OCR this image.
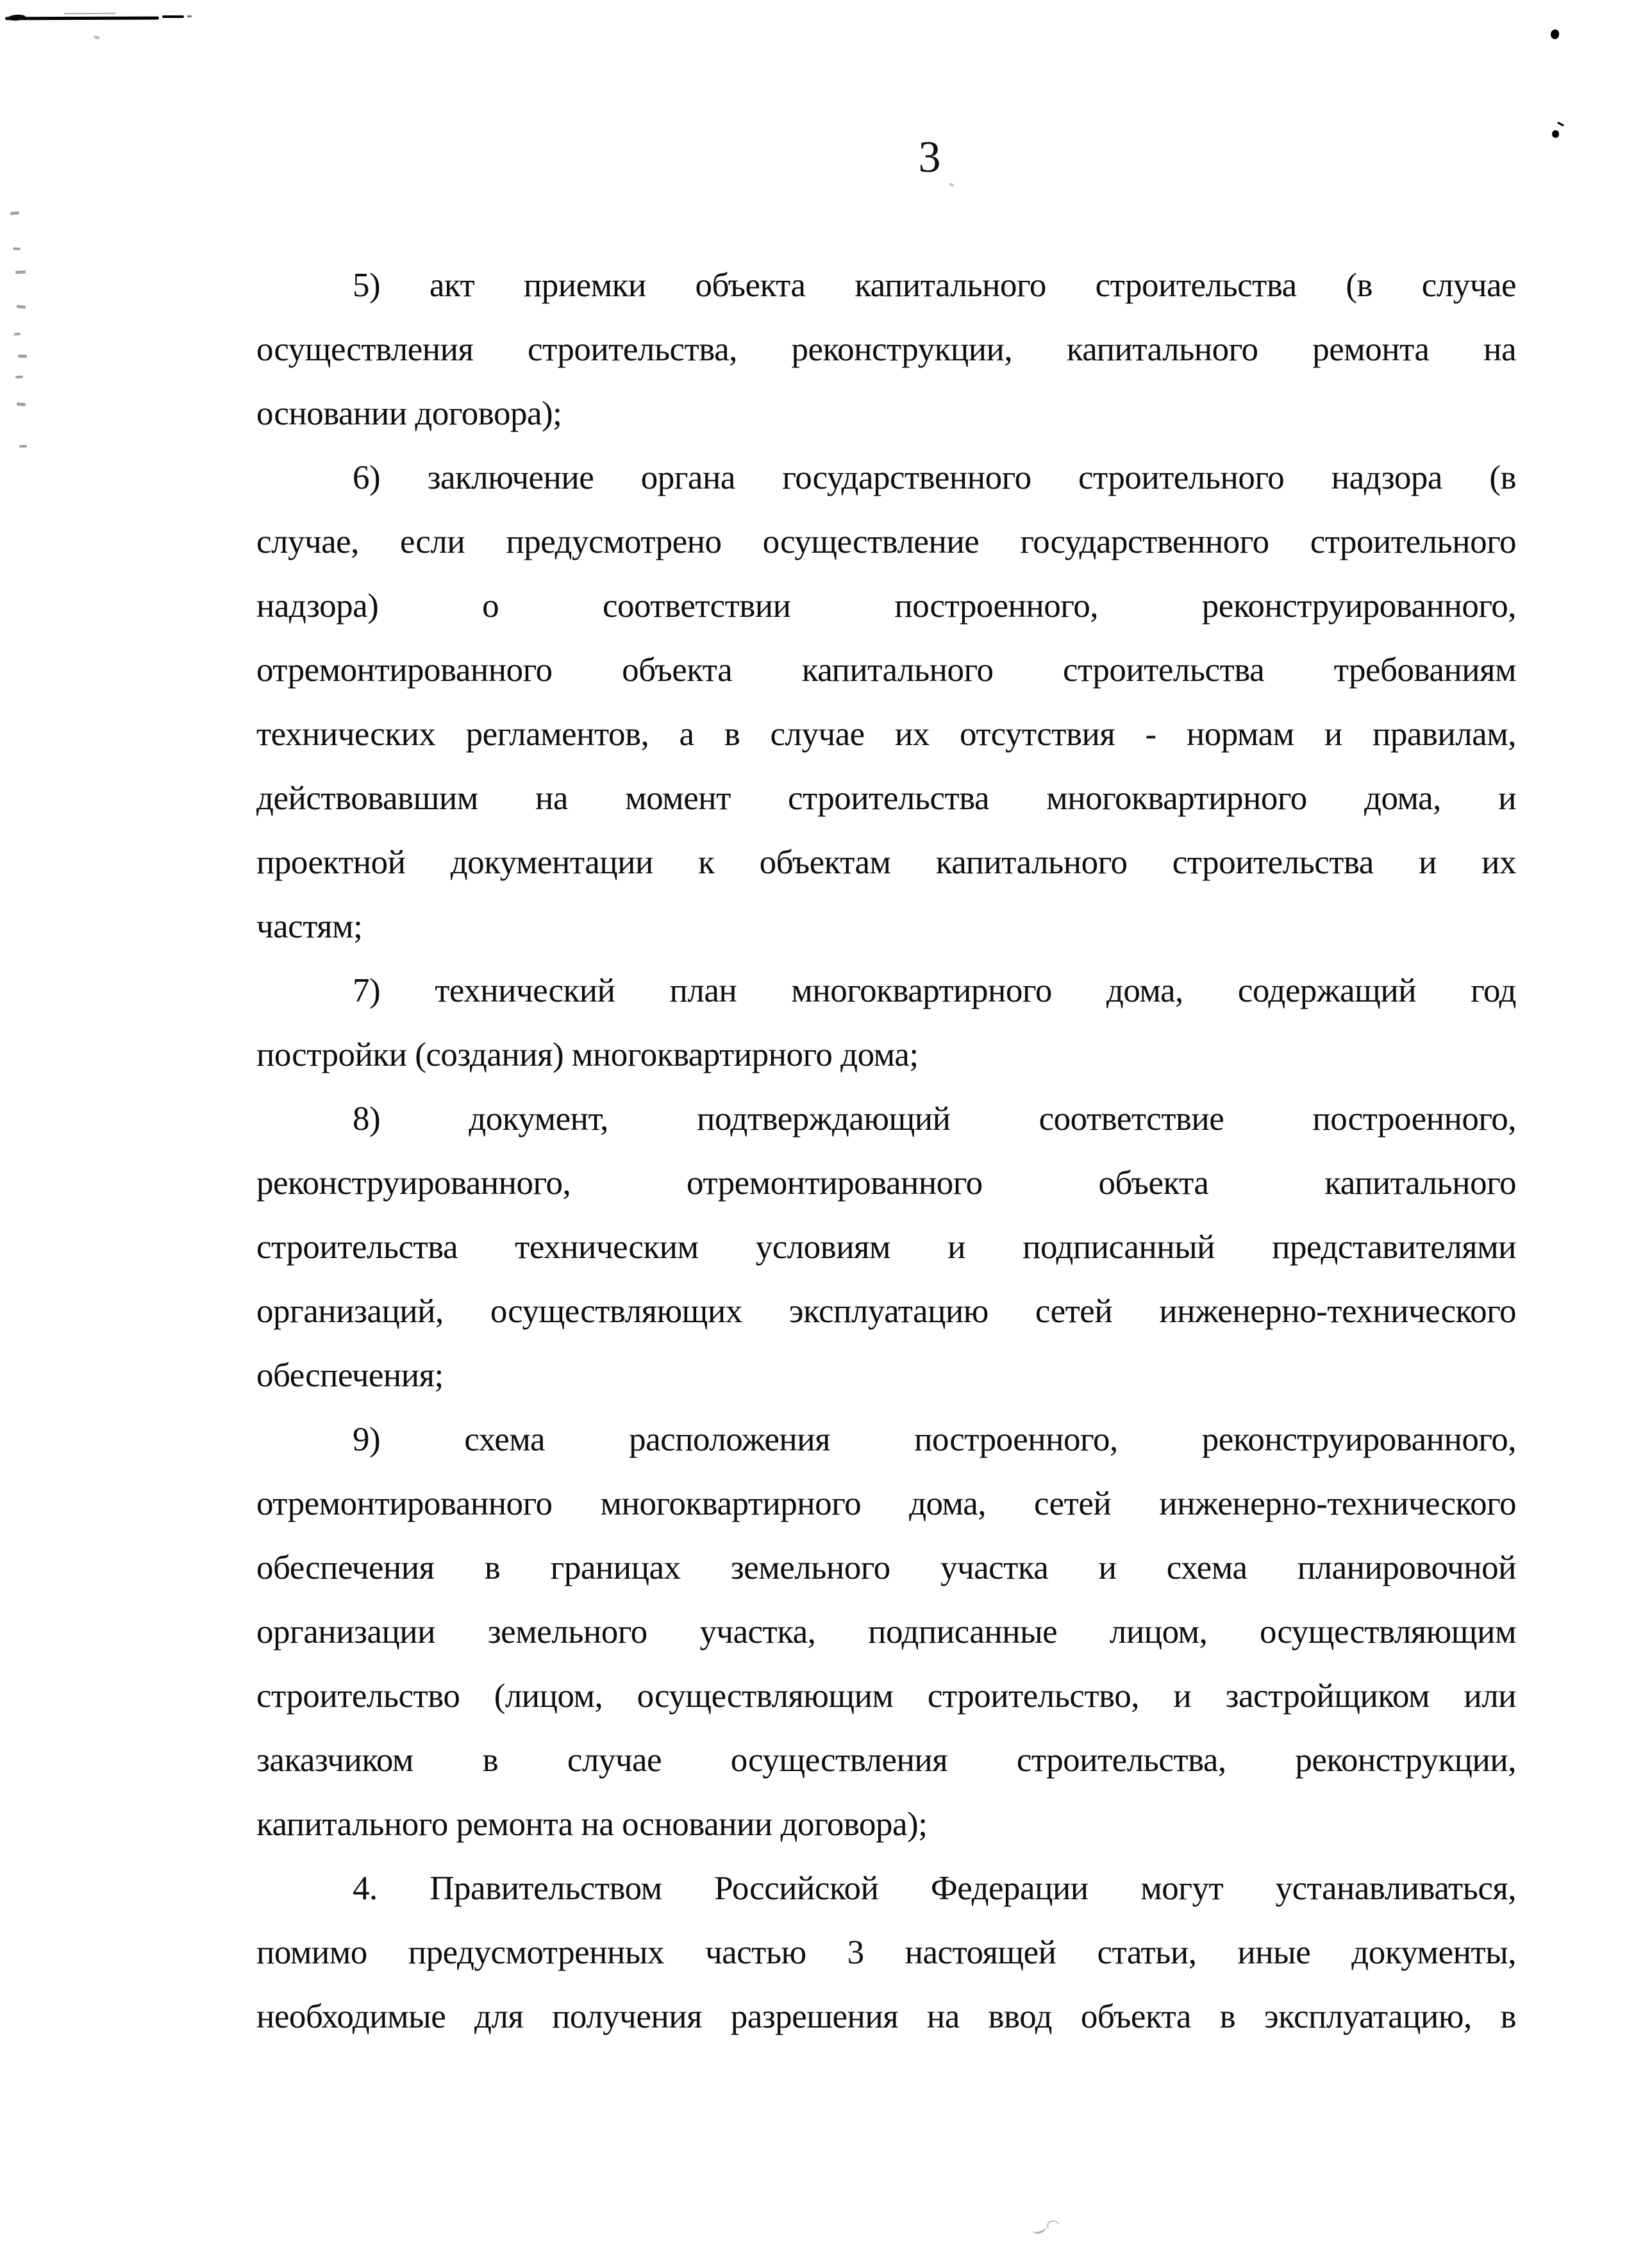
3
5) акт приемки объекта капитального строительства (в случае
осуществления строительства, реконструкции, капитального ремонта на
основании договора);
6) заключение органа государственного строительного надзора (в
случае, если предусмотрено осуществление государственного строительного
надзора) о соответствии построенного, реконструированного,
отремонтированного объекта капитального строительства требованиям
технических регламентов, а в случае их отсутствия - нормам и правилам,
действовавшим на момент строительства многоквартирного дома, и
проектной документации к объектам капитального строительства и их
частям;
7) технический план многоквартирного дома, содержащий год
постройки (создания) многоквартирного дома;
8) документ, подтверждающий соответствие построенного,
реконструированного, отремонтированного объекта капитального
строительства техническим условиям и подписанный представителями
организаций, осуществляющих эксплуатацию сетей инженерно-технического
обеспечения;
9) схема расположения построенного, реконструированного,
отремонтированного многоквартирного дома, сетей инженерно-технического
обеспечения в границах земельного участка и схема планировочной
организации земельного участка, подписанные лицом, осуществляющим
строительство (лицом, осуществляющим строительство, и застройщиком или
заказчиком в случае осуществления строительства, реконструкции,
капитального ремонта на основании договора);
4. Правительством Российской Федерации могут устанавливаться,
помимо предусмотренных частью 3 настоящей статьи, иные документы,
необходимые для получения разрешения на ввод объекта в эксплуатацию, в
